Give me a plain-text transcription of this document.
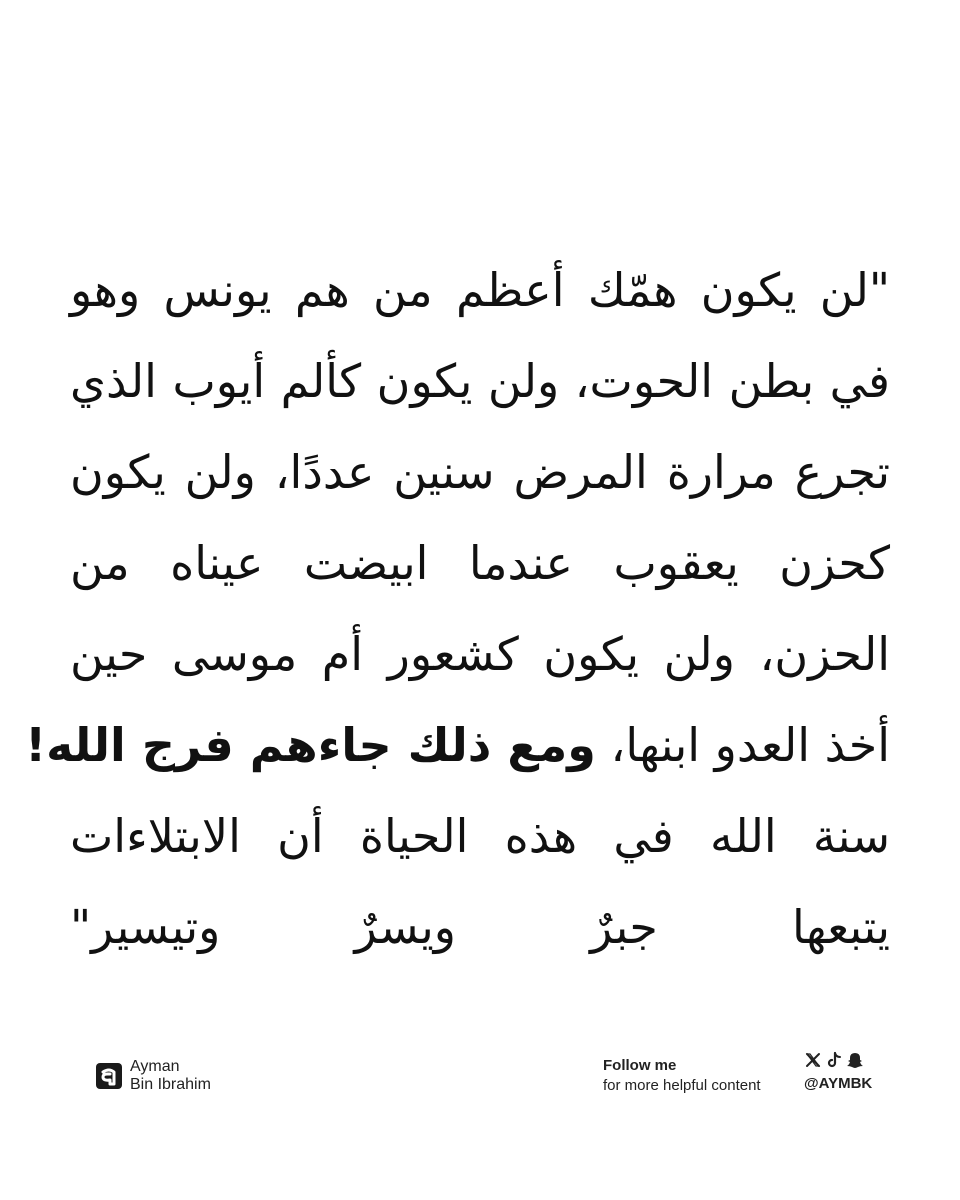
"لن يكون همّك أعظم من هم يونس وهو
في بطن الحوت، ولن يكون كألم أيوب الذي
تجرع مرارة المرض سنين عددًا، ولن يكون
كحزن يعقوب عندما ابيضت عيناه من
الحزن، ولن يكون كشعور أم موسى حين
أخذ العدو ابنها، ومع ذلك جاءهم فرج الله!
سنة الله في هذه الحياة أن الابتلاءات
يتبعها جبرٌ ويسرٌ وتيسير"
Ayman
Bin Ibrahim
Follow me
for more helpful content	@AYMBK
